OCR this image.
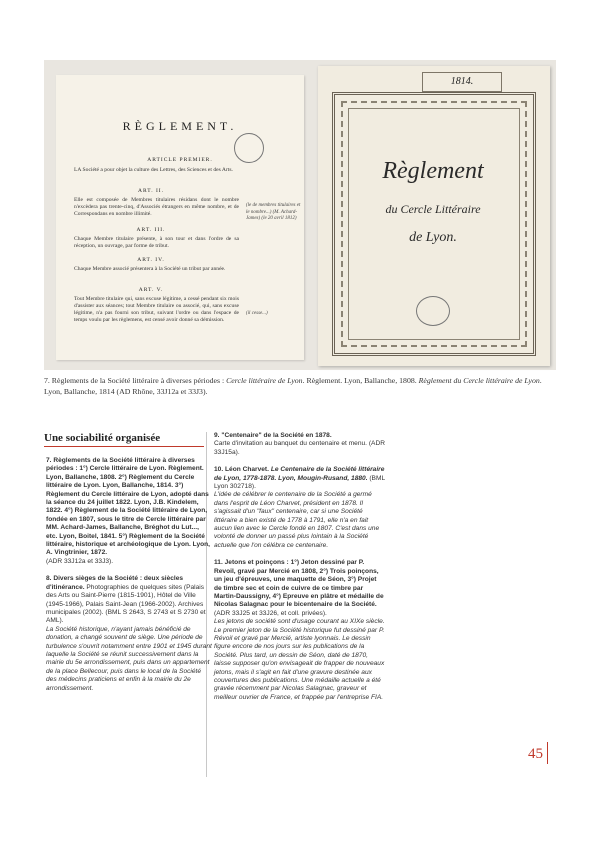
RÈGLEMENT.
ARTICLE PREMIER.
LA Société a pour objet la culture des Lettres, des Sciences et des Arts.
ART. II.
Elle est composée de Membres titulaires résidans dont le nombre n'excèdera pas trente-cinq, d'Associés étrangers en même nombre, et de Correspondans en nombre illimité.
ART. III.
Chaque Membre titulaire présente, à son tour et dans l'ordre de sa réception, un ouvrage, par forme de tribut.
ART. IV.
Chaque Membre associé présentera à la Société un tribut par année.
ART. V.
Tout Membre titulaire qui, sans excuse légitime, a cessé pendant six mois d'assister aux séances; tout Membre titulaire ou associé, qui, sans excuse légitime, n'a pas fourni son tribut, suivant l'ordre ou dans l'espace de temps voulu par les règlemens, est censé avoir donné sa démission.
(le de membres titulaires et le nombre...) (M. Achard-James) (le 20 avril 1812)
(il cesse...)
1814.
Règlement
du Cercle Littéraire
de Lyon.
7. Règlements de la Société littéraire à diverses périodes : Cercle littéraire de Lyon. Règlement. Lyon, Ballanche, 1808. Règlement du Cercle littéraire de Lyon. Lyon, Ballanche, 1814 (AD Rhône, 33J12a et 33J3).
Une sociabilité organisée

7. Règlements de la Société littéraire à diverses périodes : 1°) Cercle littéraire de Lyon. Règlement. Lyon, Ballanche, 1808. 2°) Règlement du Cercle littéraire de Lyon. Lyon, Ballanche, 1814. 3°) Règlement du Cercle littéraire de Lyon, adopté dans la séance du 24 juillet 1822. Lyon, J.B. Kindelem, 1822. 4°) Règlement de la Société littéraire de Lyon, fondée en 1807, sous le titre de Cercle littéraire par MM. Achard-James, Ballanche, Bréghot du Lut..., etc. Lyon, Boitel, 1841. 5°) Règlement de la Société littéraire, historique et archéologique de Lyon. Lyon, A. Vingtrinier, 1872.
(ADR 33J12a et 33J3).

8. Divers sièges de la Société : deux siècles d'itinérance. Photographies de quelques sites (Palais des Arts ou Saint-Pierre (1815-1901), Hôtel de Ville (1945-1966), Palais Saint-Jean (1966-2002). Archives municipales (2002). (BML S 2643, S 2743 et S 2730 et AML).
La Société historique, n'ayant jamais bénéficié de donation, a changé souvent de siège. Une période de turbulence s'ouvrit notamment entre 1901 et 1945 durant laquelle la Société se réunit successivement dans la mairie du 5e arrondissement, puis dans un appartement de la place Bellecour, puis dans le local de la Société des médecins praticiens et enfin à la mairie du 2e arrondissement.

9. "Centenaire" de la Société en 1878.
Carte d'invitation au banquet du centenaire et menu. (ADR 33J15a).

10. Léon Charvet. Le Centenaire de la Société littéraire de Lyon, 1778-1878. Lyon, Mougin-Rusand, 1880. (BML Lyon 302718).
L'idée de célébrer le centenaire de la Société a germé dans l'esprit de Léon Charvet, président en 1878. Il s'agissait d'un "faux" centenaire, car si une Société littéraire a bien existé de 1778 à 1791, elle n'a en fait aucun lien avec le Cercle fondé en 1807. C'est dans une volonté de donner un passé plus lointain à la Société actuelle que l'on célébra ce centenaire.

11. Jetons et poinçons : 1°) Jeton dessiné par P. Revoil, gravé par Mercié en 1808, 2°) Trois poinçons, un jeu d'épreuves, une maquette de Séon, 3°) Projet de timbre sec et coin de cuivre de ce timbre par Martin-Daussigny, 4°) Epreuve en plâtre et médaille de Nicolas Salagnac pour le bicentenaire de la Société.
(ADR 33J25 et 33J26, et coll. privées).
Les jetons de société sont d'usage courant au XIXe siècle. Le premier jeton de la Société historique fut dessiné par P. Révoil et gravé par Mercié, artiste lyonnais. Le dessin figure encore de nos jours sur les publications de la Société. Plus tard, un dessin de Séon, daté de 1870, laisse supposer qu'on envisageait de frapper de nouveaux jetons, mais il s'agit en fait d'une gravure destinée aux couvertures des publications. Une médaille actuelle a été gravée récemment par Nicolas Salagnac, graveur et meilleur ouvrier de France, et frappée par l'entreprise FIA.

45
